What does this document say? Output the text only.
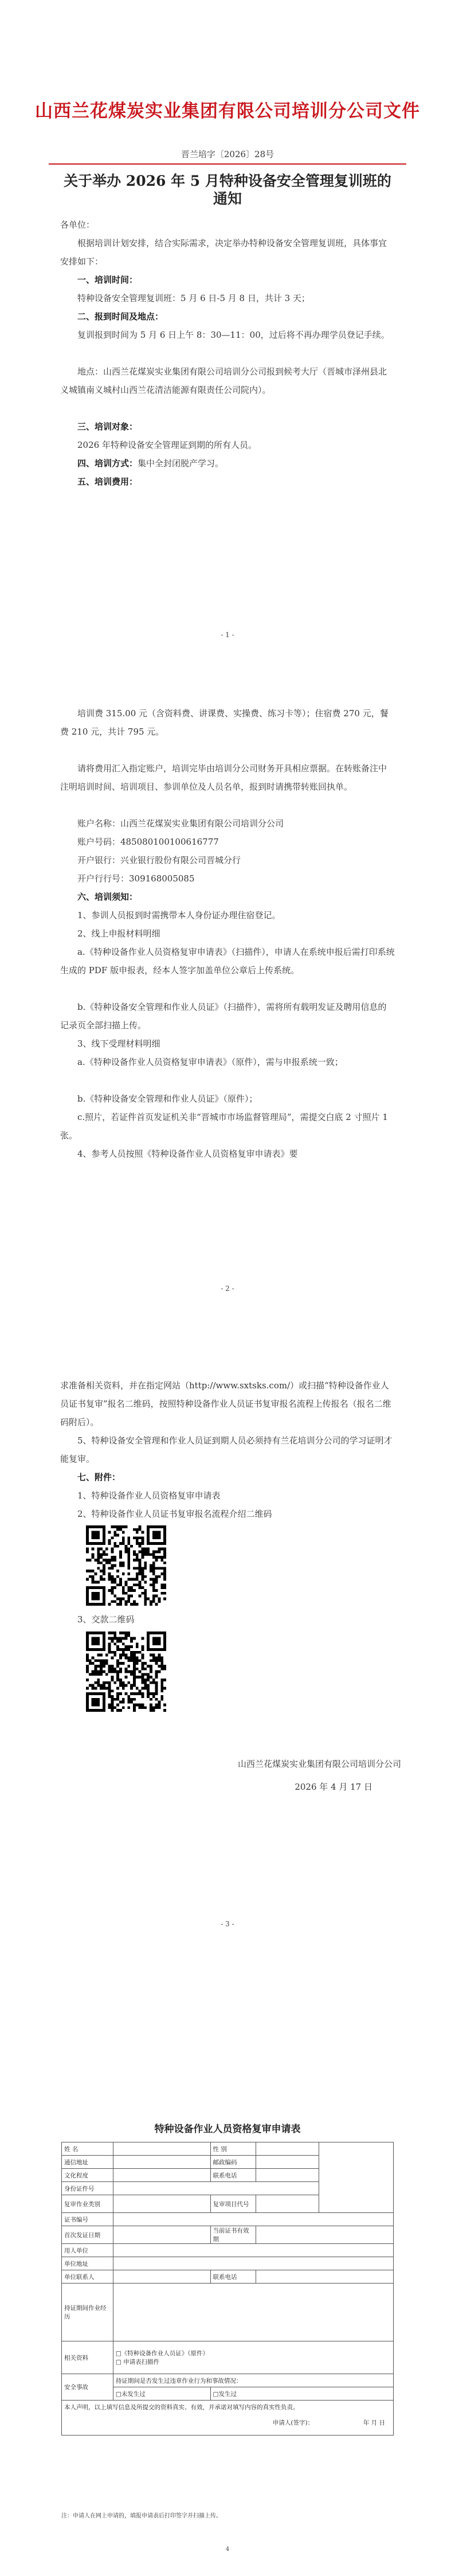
山西兰花煤炭实业集团有限公司培训分公司文件
晋兰培字〔2026〕28号
关于举办 2026 年 5 月特种设备安全管理复训班的通知
各单位：
根据培训计划安排，结合实际需求，决定举办特种设备安全管理复训班，具体事宜安排如下：
一、培训时间：
特种设备安全管理复训班：5 月 6 日-5 月 8 日，共计 3 天；
二、报到时间及地点：
复训报到时间为 5 月 6 日上午 8：30—11：00，过后将不再办理学员登记手续。
地点：山西兰花煤炭实业集团有限公司培训分公司报到候考大厅（晋城市泽州县北义城镇南义城村山西兰花清洁能源有限责任公司院内）。
三、培训对象：
2026 年特种设备安全管理证到期的所有人员。
四、培训方式：集中全封闭脱产学习。
五、培训费用：
- 1 -
培训费 315.00 元（含资料费、讲课费、实操费、练习卡等）；住宿费 270 元，餐费 210 元，共计 795 元。
请将费用汇入指定账户，培训完毕由培训分公司财务开具相应票据。在转账备注中注明培训时间、培训项目、参训单位及人员名单，报到时请携带转账回执单。
账户名称：山西兰花煤炭实业集团有限公司培训分公司
账户号码：485080100100616777
开户银行：兴业银行股份有限公司晋城分行
开户行行号：309168005085
六、培训须知：
1、参训人员报到时需携带本人身份证办理住宿登记。
2、线上申报材料明细
a.《特种设备作业人员资格复审申请表》（扫描件），申请人在系统申报后需打印系统生成的 PDF 版申报表，经本人签字加盖单位公章后上传系统。
b.《特种设备安全管理和作业人员证》（扫描件），需将所有载明发证及聘用信息的记录页全部扫描上传。
3、线下受理材料明细
a.《特种设备作业人员资格复审申请表》（原件），需与申报系统一致；
b.《特种设备安全管理和作业人员证》（原件）；
c.照片，若证件首页发证机关非“晋城市市场监督管理局”，需提交白底 2 寸照片 1 张。
4、参考人员按照《特种设备作业人员资格复审申请表》要
- 2 -
求准备相关资料，并在指定网站（http://www.sxtsks.com/）或扫描“特种设备作业人员证书复审”报名二维码，按照特种设备作业人员证书复审报名流程上传报名（报名二维码附后）。
5、特种设备安全管理和作业人员证到期人员必须持有兰花培训分公司的学习证明才能复审。
七、附件：
1、特种设备作业人员资格复审申请表
2、特种设备作业人员证书复审报名流程介绍二维码
3、交款二维码
山西兰花煤炭实业集团有限公司培训分公司
2026 年 4 月 17 日
- 3 -
特种设备作业人员资格复审申请表
姓 名		性 别		
通信地址		邮政编码		
文化程度		联系电话		
身份证件号				
复审作业类别		复审项目代号		
证书编号				
首次发证日期		当前证书有效期		
用人单位				
单位地址				
单位联系人		联系电话		
持证期间作业经历				
相关资料	□《特种设备作业人员证》（原件）
□ 申请表扫描件			

安全事故	持证期间是否发生过违章作业行为和事故情况：			
	□未发生过	□发生过		

本人声明，以上填写信息及所提交的资料真实、有效，并承诺对填写内容的真实性负责。
申请人(签字)： 年 月 日				
注：申请人在网上申请的，填报申请表后打印签字并扫描上传。
4
